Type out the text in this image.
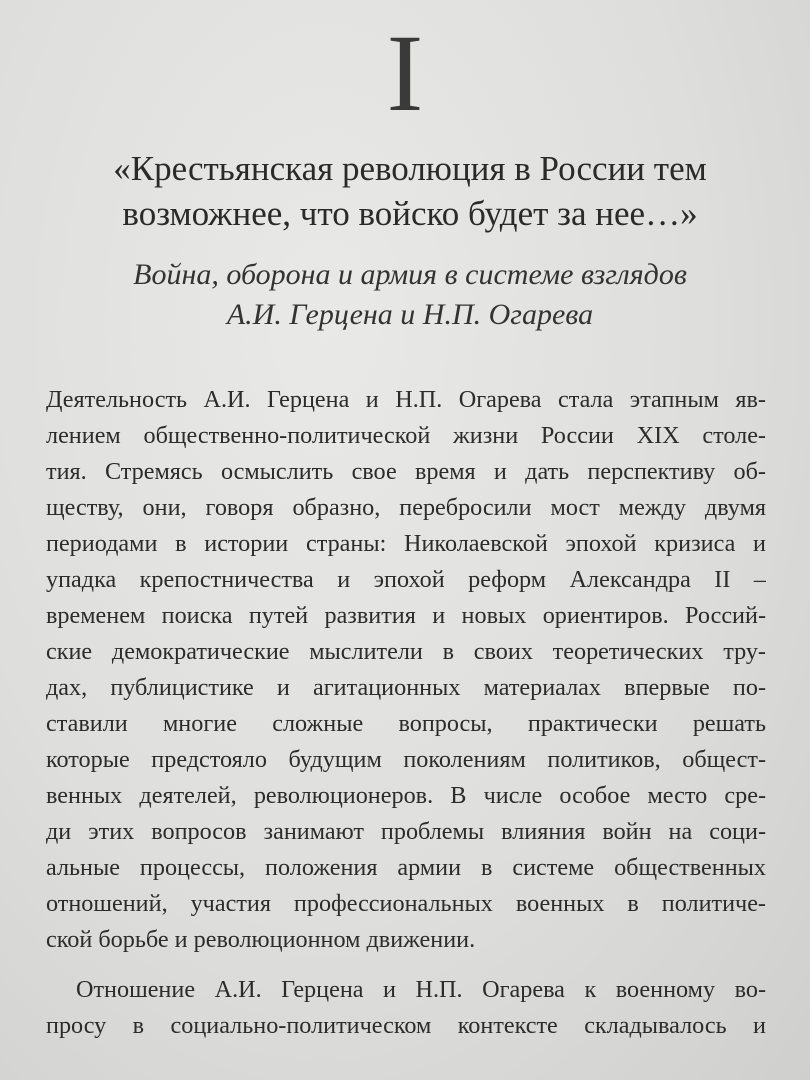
I
«Крестьянская революция в России тем
возможнее, что войско будет за нее…»
Война, оборона и армия в системе взглядов
А.И. Герцена и Н.П. Огарева
Деятельность А.И. Герцена и Н.П. Огарева стала этапным яв-
лением общественно-политической жизни России XIX столе-
тия. Стремясь осмыслить свое время и дать перспективу об-
ществу, они, говоря образно, перебросили мост между двумя
периодами в истории страны: Николаевской эпохой кризиса и
упадка крепостничества и эпохой реформ Александра II –
временем поиска путей развития и новых ориентиров. Россий-
ские демократические мыслители в своих теоретических тру-
дах, публицистике и агитационных материалах впервые по-
ставили многие сложные вопросы, практически решать
которые предстояло будущим поколениям политиков, общест-
венных деятелей, революционеров. В числе особое место сре-
ди этих вопросов занимают проблемы влияния войн на соци-
альные процессы, положения армии в системе общественных
отношений, участия профессиональных военных в политиче-
ской борьбе и революционном движении.
Отношение А.И. Герцена и Н.П. Огарева к военному во-
просу в социально-политическом контексте складывалось и
